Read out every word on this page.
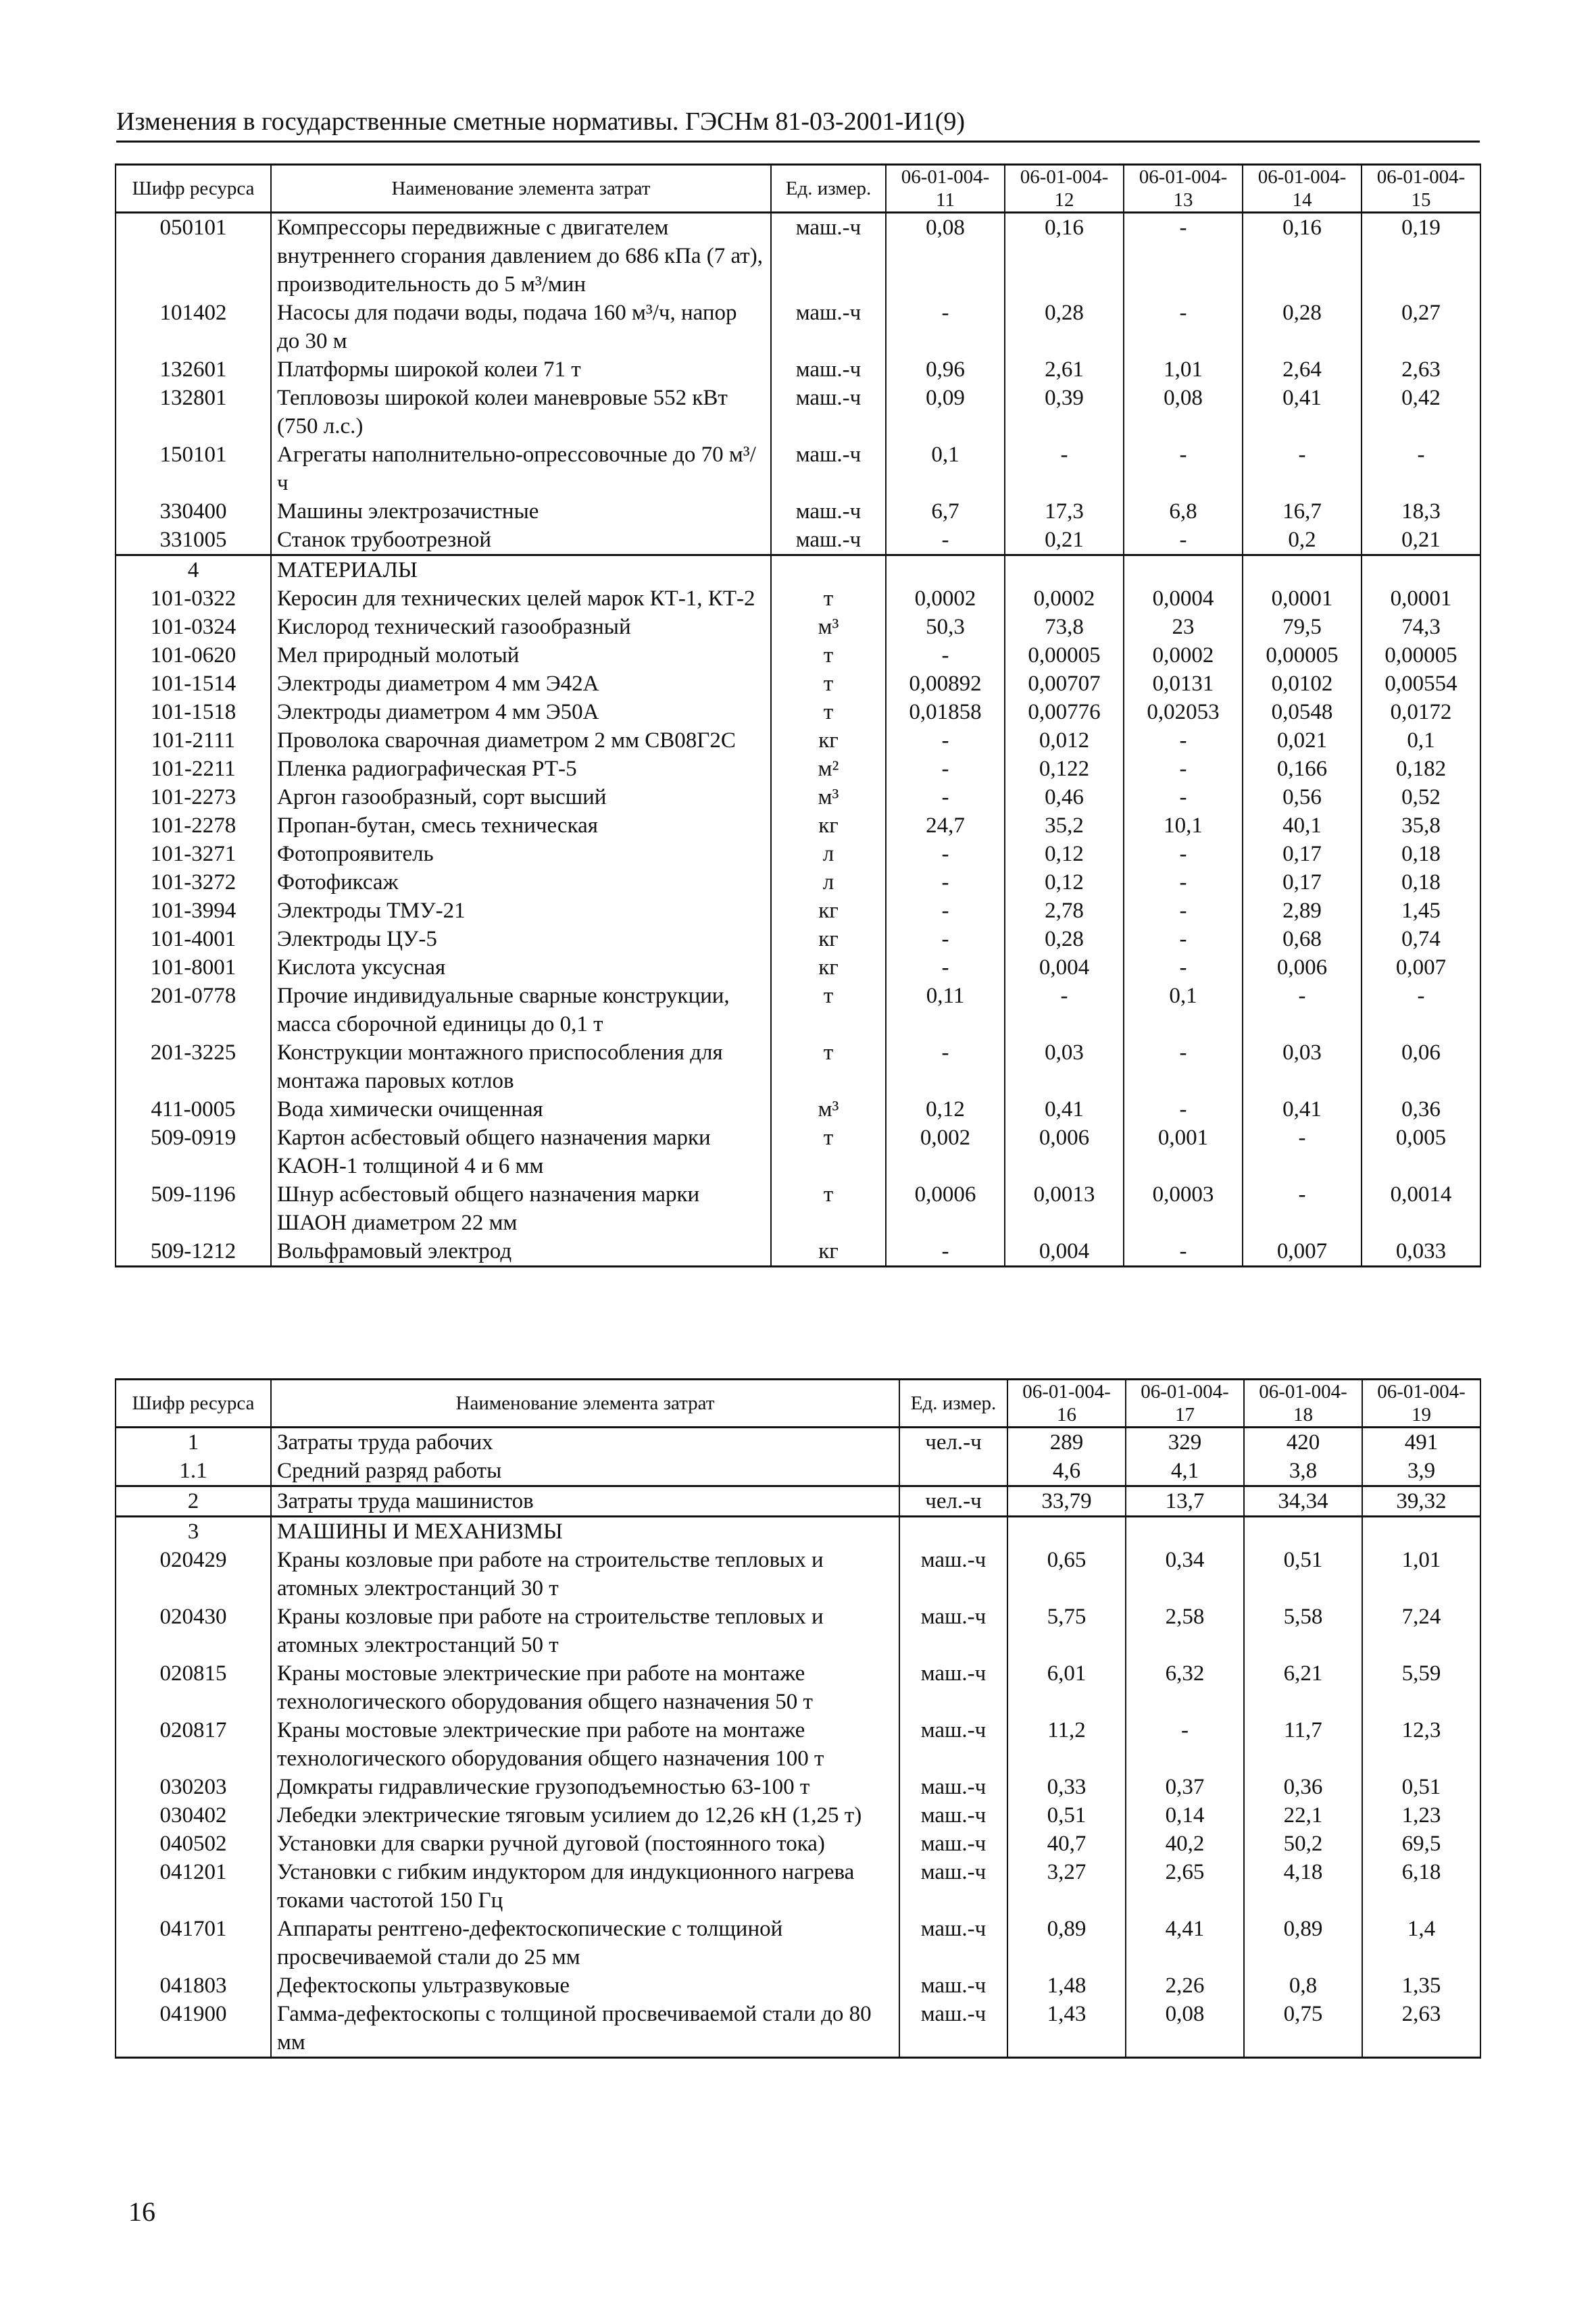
Изменения в государственные сметные нормативы. ГЭСНм 81-03-2001-И1(9)
Шифр ресурса	Наименование элемента затрат	Ед. измер.	06-01-004-11	06-01-004-12	06-01-004-13	06-01-004-14	06-01-004-15
050101	Компрессоры передвижные с двигателем внутреннего сгорания давлением до 686 кПа (7 ат), производительность до 5 м³/мин	маш.-ч	0,08	0,16	-	0,16	0,19
101402	Насосы для подачи воды, подача 160 м³/ч, напор до 30 м	маш.-ч	-	0,28	-	0,28	0,27
132601	Платформы широкой колеи 71 т	маш.-ч	0,96	2,61	1,01	2,64	2,63
132801	Тепловозы широкой колеи маневровые 552 кВт (750 л.с.)	маш.-ч	0,09	0,39	0,08	0,41	0,42
150101	Агрегаты наполнительно-опрессовочные до 70 м³/ч	маш.-ч	0,1	-	-	-	-
330400	Машины электрозачистные	маш.-ч	6,7	17,3	6,8	16,7	18,3
331005	Станок трубоотрезной	маш.-ч	-	0,21	-	0,2	0,21
4	МАТЕРИАЛЫ						
101-0322	Керосин для технических целей марок КТ-1, КТ-2	т	0,0002	0,0002	0,0004	0,0001	0,0001
101-0324	Кислород технический газообразный	м³	50,3	73,8	23	79,5	74,3
101-0620	Мел природный молотый	т	-	0,00005	0,0002	0,00005	0,00005
101-1514	Электроды диаметром 4 мм Э42А	т	0,00892	0,00707	0,0131	0,0102	0,00554
101-1518	Электроды диаметром 4 мм Э50А	т	0,01858	0,00776	0,02053	0,0548	0,0172
101-2111	Проволока сварочная диаметром 2 мм СВ08Г2С	кг	-	0,012	-	0,021	0,1
101-2211	Пленка радиографическая РТ-5	м²	-	0,122	-	0,166	0,182
101-2273	Аргон газообразный, сорт высший	м³	-	0,46	-	0,56	0,52
101-2278	Пропан-бутан, смесь техническая	кг	24,7	35,2	10,1	40,1	35,8
101-3271	Фотопроявитель	л	-	0,12	-	0,17	0,18
101-3272	Фотофиксаж	л	-	0,12	-	0,17	0,18
101-3994	Электроды ТМУ-21	кг	-	2,78	-	2,89	1,45
101-4001	Электроды ЦУ-5	кг	-	0,28	-	0,68	0,74
101-8001	Кислота уксусная	кг	-	0,004	-	0,006	0,007
201-0778	Прочие индивидуальные сварные конструкции, масса сборочной единицы до 0,1 т	т	0,11	-	0,1	-	-
201-3225	Конструкции монтажного приспособления для монтажа паровых котлов	т	-	0,03	-	0,03	0,06
411-0005	Вода химически очищенная	м³	0,12	0,41	-	0,41	0,36
509-0919	Картон асбестовый общего назначения марки КАОН-1 толщиной 4 и 6 мм	т	0,002	0,006	0,001	-	0,005
509-1196	Шнур асбестовый общего назначения марки ШАОН диаметром 22 мм	т	0,0006	0,0013	0,0003	-	0,0014
509-1212	Вольфрамовый электрод	кг	-	0,004	-	0,007	0,033
Шифр ресурса	Наименование элемента затрат	Ед. измер.	06-01-004-16	06-01-004-17	06-01-004-18	06-01-004-19
1	Затраты труда рабочих	чел.-ч	289	329	420	491
1.1	Средний разряд работы		4,6	4,1	3,8	3,9
2	Затраты труда машинистов	чел.-ч	33,79	13,7	34,34	39,32
3	МАШИНЫ И МЕХАНИЗМЫ					
020429	Краны козловые при работе на строительстве тепловых и атомных электростанций 30 т	маш.-ч	0,65	0,34	0,51	1,01
020430	Краны козловые при работе на строительстве тепловых и атомных электростанций 50 т	маш.-ч	5,75	2,58	5,58	7,24
020815	Краны мостовые электрические при работе на монтаже технологического оборудования общего назначения 50 т	маш.-ч	6,01	6,32	6,21	5,59
020817	Краны мостовые электрические при работе на монтаже технологического оборудования общего назначения 100 т	маш.-ч	11,2	-	11,7	12,3
030203	Домкраты гидравлические грузоподъемностью 63-100 т	маш.-ч	0,33	0,37	0,36	0,51
030402	Лебедки электрические тяговым усилием до 12,26 кН (1,25 т)	маш.-ч	0,51	0,14	22,1	1,23
040502	Установки для сварки ручной дуговой (постоянного тока)	маш.-ч	40,7	40,2	50,2	69,5
041201	Установки с гибким индуктором для индукционного нагрева токами частотой 150 Гц	маш.-ч	3,27	2,65	4,18	6,18
041701	Аппараты рентгено-дефектоскопические с толщиной просвечиваемой стали до 25 мм	маш.-ч	0,89	4,41	0,89	1,4
041803	Дефектоскопы ультразвуковые	маш.-ч	1,48	2,26	0,8	1,35
041900	Гамма-дефектоскопы с толщиной просвечиваемой стали до 80 мм	маш.-ч	1,43	0,08	0,75	2,63
16
